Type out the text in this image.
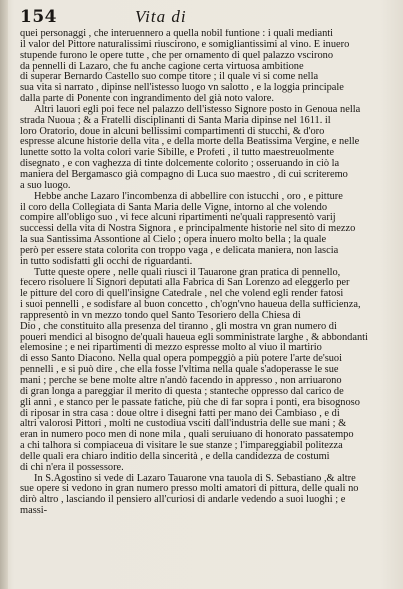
154	Vita di

quei personaggi , che interuennero a quella nobil funtione : i quali medianti
il valor del Pittore naturalissimi riuscirono, e somigliantissimi al vino. E inuero
stupende furono le opere tutte , che per ornamento di quel palazzo vscirono
da pennelli di Lazaro, che fu anche cagione certa virtuosa ambitione
di superar Bernardo Castello suo compe titore ; il quale vi si come nella
sua vita si narrato , dipinse nell'istesso luogo vn salotto , e la loggia principale
dalla parte di Ponente con ingrandimento del già noto valore.

Altri lauori egli poi fece nel palazzo dell'istesso Signore posto in Genoua nella
strada Nuoua ; & a Fratelli disciplinanti di Santa Maria dipinse nel 1611. il
loro Oratorio, doue in alcuni bellissimi compartimenti di stucchi, & d'oro
espresse alcune historie della vita , e della morte della Beatissima Vergine, e nelle
lunette sotto la volta colori varie Sibille, e Profeti , il tutto maestreuolmente
disegnato , e con vaghezza di tinte dolcemente colorito ; osseruando in ciò la
maniera del Bergamasco già compagno di Luca suo maestro , di cui scriteremo
a suo luogo.

Hebbe anche Lazaro l'incombenza di abbellire con istucchi , oro , e pitture
il coro della Collegiata di Santa Maria delle Vigne, intorno al che volendo
compire all'obligo suo , vi fece alcuni ripartimenti ne'quali rappresentò varij
successi della vita di Nostra Signora , e principalmente historie nel sito di mezzo
la sua Santissima Assontione al Cielo ; opera inuero molto bella ; la quale
però per essere stata colorita con troppo vaga , e delicata maniera, non lascia
in tutto sodisfatti gli occhi de riguardanti.

Tutte queste opere , nelle quali riuscì il Tauarone gran pratica di pennello,
fecero risoluere li Signori deputati alla Fabrica di San Lorenzo ad eleggerlo per
le pitture del coro di quell'insigne Catedrale , nel che volend egli render fatosi
i suoi pennelli , e sodisfare al buon concetto , ch'ogn'vno haueua della sufficienza,
rappresentò in vn mezzo tondo quel Santo Tesoriero della Chiesa di
Dio , che constituito alla presenza del tiranno , gli mostra vn gran numero di
poueri mendici al bisogno de'quali haueua egli somministrate larghe , & abbondanti
elemosine ; e nei ripartimenti di mezzo espresse molto al viuo il martirio
di esso Santo Diacono. Nella qual opera pompeggiò a più potere l'arte de'suoi
pennelli , e si può dire , che ella fosse l'vltima nella quale s'adoperasse le sue
mani ; perche se bene molte altre n'andò facendo in appresso , non arriuarono
di gran longa a pareggiar il merito di questa ; stanteche oppresso dal carico de
gli anni , e stanco per le passate fatiche, più che di far sopra i ponti, era bisognoso
di riposar in stra casa : doue oltre i disegni fatti per mano dei Cambiaso , e di
altri valorosi Pittori , molti ne custodiua vsciti dall'industria delle sue mani ; &
eran in numero poco men di none mila , quali seruiuano di honorato passatempo
a chi talhora si compiaceua di visitare le sue stanze ; l'impareggiabil politezza
delle quali era chiaro inditio della sincerità , e della candidezza de costumi
di chi n'era il possessore.

In S.Agostino si vede di Lazaro Tauarone vna tauola di S. Sebastiano ,& altre
sue opere si vedono in gran numero presso molti amatori di pittura, delle quali no
dirò altro , lasciando il pensiero all'curiosi di andarle vedendo a suoi luoghi ; e
massi-
